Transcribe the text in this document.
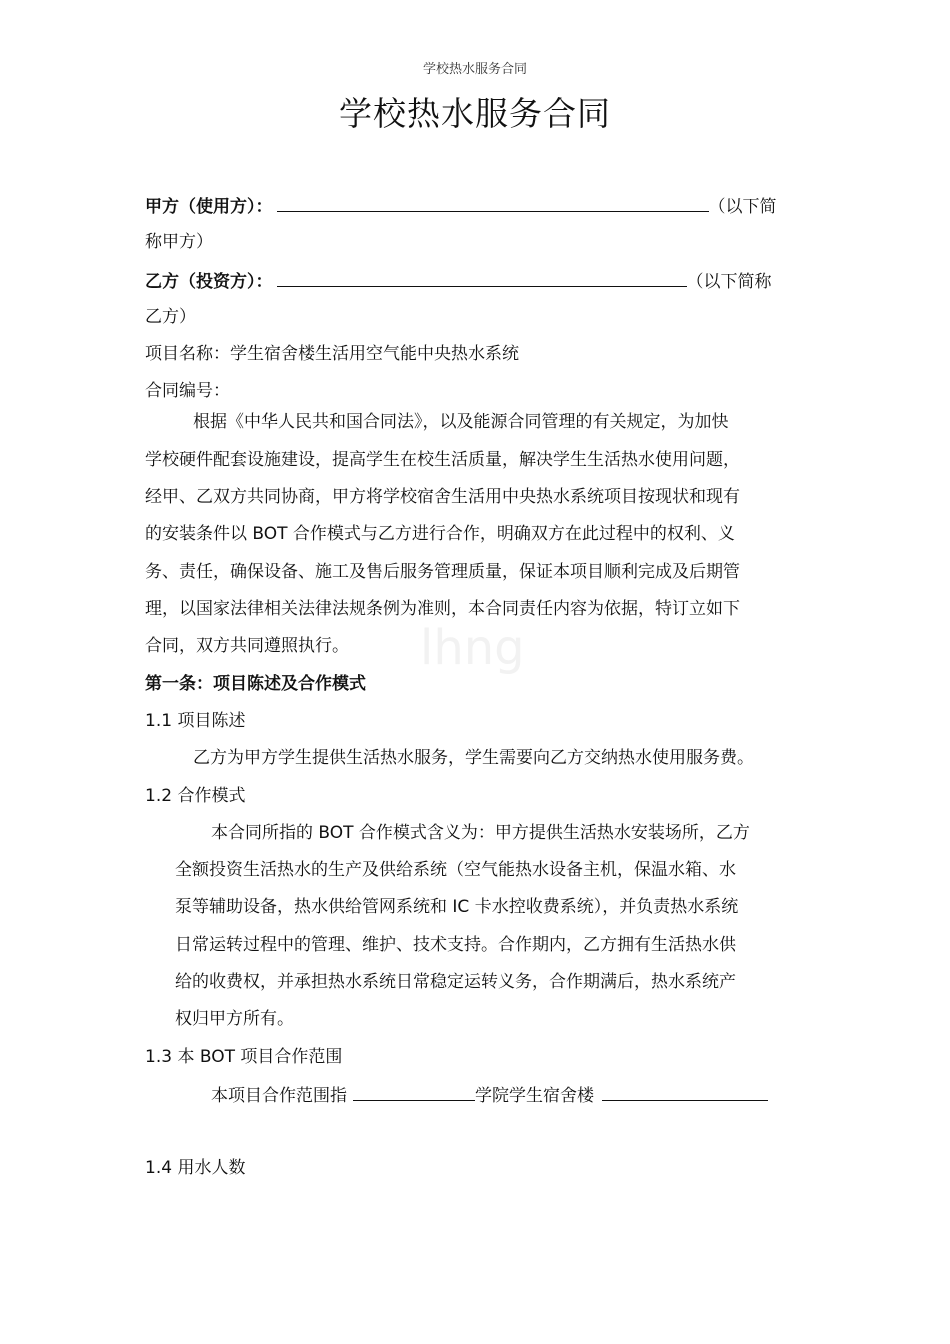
学校热水服务合同
学校热水服务合同
甲方（使用方）：	（以下简
称甲方）
乙方（投资方）：	（以下简称
乙方）
项目名称：学生宿舍楼生活用空气能中央热水系统
合同编号：
根据《中华人民共和国合同法》，以及能源合同管理的有关规定，为加快
学校硬件配套设施建设，提高学生在校生活质量，解决学生生活热水使用问题，
经甲、乙双方共同协商，甲方将学校宿舍生活用中央热水系统项目按现状和现有
的安装条件以 BOT 合作模式与乙方进行合作，明确双方在此过程中的权利、义
务、责任，确保设备、施工及售后服务管理质量，保证本项目顺利完成及后期管
理，以国家法律相关法律法规条例为准则，本合同责任内容为依据，特订立如下
合同，双方共同遵照执行。 lhng
第一条：项目陈述及合作模式
1.1 项目陈述
乙方为甲方学生提供生活热水服务，学生需要向乙方交纳热水使用服务费。
1.2 合作模式
本合同所指的 BOT 合作模式含义为：甲方提供生活热水安装场所，乙方
全额投资生活热水的生产及供给系统（空气能热水设备主机，保温水箱、水
泵等辅助设备，热水供给管网系统和 IC 卡水控收费系统），并负责热水系统
日常运转过程中的管理、维护、技术支持。合作期内，乙方拥有生活热水供
给的收费权，并承担热水系统日常稳定运转义务，合作期满后，热水系统产
权归甲方所有。
1.3 本 BOT 项目合作范围
本项目合作范围指	学院学生宿舍楼
1.4 用水人数
